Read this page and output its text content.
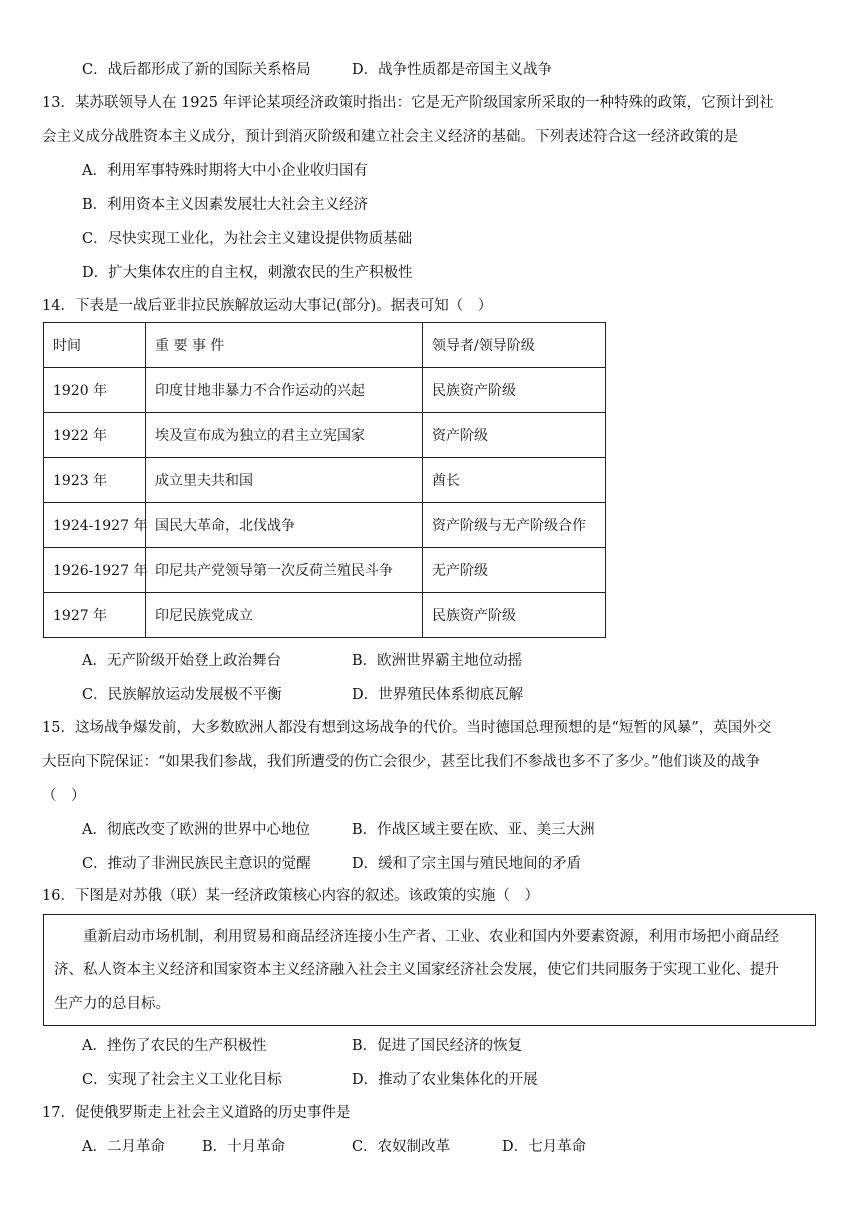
C．战后都形成了新的国际关系格局	D．战争性质都是帝国主义战争
13．某苏联领导人在 1925 年评论某项经济政策时指出：它是无产阶级国家所采取的一种特殊的政策，它预计到社
会主义成分战胜资本主义成分，预计到消灭阶级和建立社会主义经济的基础。下列表述符合这一经济政策的是
A．利用军事特殊时期将大中小企业收归国有
B．利用资本主义因素发展壮大社会主义经济
C．尽快实现工业化，为社会主义建设提供物质基础
D．扩大集体农庄的自主权，刺激农民的生产积极性
14．下表是一战后亚非拉民族解放运动大事记(部分)。据表可知（　）
时间	重 要 事 件	领导者/领导阶级
1920 年	印度甘地非暴力不合作运动的兴起	民族资产阶级
1922 年	埃及宣布成为独立的君主立宪国家	资产阶级
1923 年	成立里夫共和国	酋长
1924-1927 年	国民大革命，北伐战争	资产阶级与无产阶级合作
1926-1927 年	印尼共产党领导第一次反荷兰殖民斗争	无产阶级
1927 年	印尼民族党成立	民族资产阶级
A．无产阶级开始登上政治舞台	B．欧洲世界霸主地位动摇
C．民族解放运动发展极不平衡	D．世界殖民体系彻底瓦解
15．这场战争爆发前，大多数欧洲人都没有想到这场战争的代价。当时德国总理预想的是“短暂的风暴”，英国外交
大臣向下院保证：“如果我们参战，我们所遭受的伤亡会很少，甚至比我们不参战也多不了多少。”他们谈及的战争
（　）
A．彻底改变了欧洲的世界中心地位	B．作战区域主要在欧、亚、美三大洲
C．推动了非洲民族民主意识的觉醒	D．缓和了宗主国与殖民地间的矛盾
16．下图是对苏俄（联）某一经济政策核心内容的叙述。该政策的实施（　）
　　重新启动市场机制，利用贸易和商品经济连接小生产者、工业、农业和国内外要素资源，利用市场把小商品经
济、私人资本主义经济和国家资本主义经济融入社会主义国家经济社会发展，使它们共同服务于实现工业化、提升
生产力的总目标。
A．挫伤了农民的生产积极性	B．促进了国民经济的恢复
C．实现了社会主义工业化目标	D．推动了农业集体化的开展
17．促使俄罗斯走上社会主义道路的历史事件是
A．二月革命	B．十月革命	C．农奴制改革	D．七月革命
